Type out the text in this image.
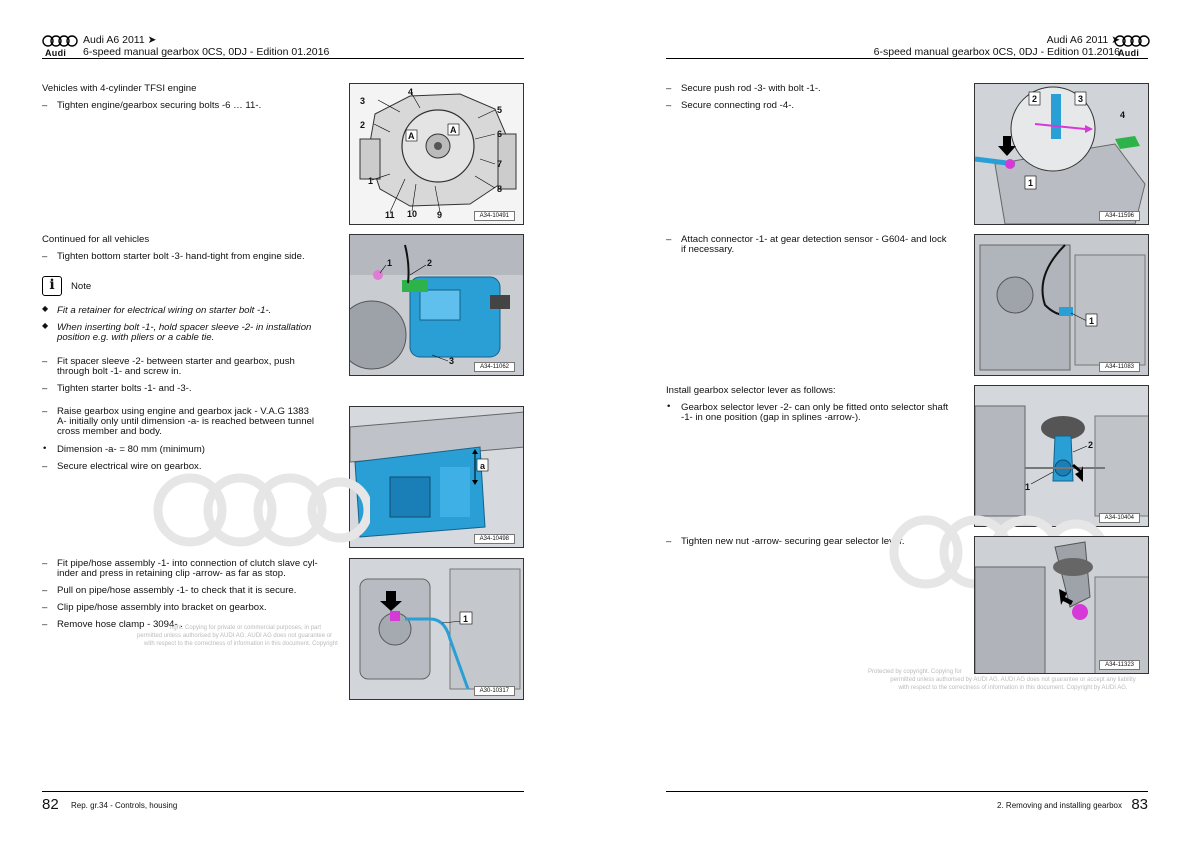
Audi
Audi A6 2011 ➤
6-speed manual gearbox 0CS, 0DJ - Edition 01.2016
Vehicles with 4-cylinder TFSI engine
– Tighten engine/gearbox securing bolts -6 … 11-.
1
2
3
4
5
6
7
8
9
10
11
A
A
A34-10491
Continued for all vehicles
– Tighten bottom starter bolt -3- hand-tight from engine side.
i	Note
◆ Fit a retainer for electrical wiring on starter bolt -1-.
◆ When inserting bolt -1-, hold spacer sleeve -2- in installation
position e.g. with pliers or a cable tie.
– Fit spacer sleeve -2- between starter and gearbox, push
through bolt -1- and screw in.
– Tighten starter bolts -1- and -3-.
1	2
3
A34-11062
– Raise gearbox using engine and gearbox jack - V.A.G 1383
A- initially only until dimension -a- is reached between tunnel
cross member and body.
• Dimension -a- = 80 mm (minimum)
– Secure electrical wire on gearbox.	a
A34-10498
– Fit pipe/hose assembly -1- into connection of clutch slave cyl-
inder and press in retaining clip -arrow- as far as stop.
– Pull on pipe/hose assembly -1- to check that it is secure.
– Clip pipe/hose assembly into bracket on gearbox.
– Remove hose clamp - 3094- .
right. Copying for private or commercial purposes, in part
permitted unless authorised by AUDI AG. AUDI AG does not guarantee or
with respect to the correctness of information in this document. Copyright
1
A30-10317
82 Rep. gr.34 - Controls, housing
Audi A6 2011 ➤
6-speed manual gearbox 0CS, 0DJ - Edition 01.2016
Audi
– Secure push rod -3- with bolt -1-.
– Secure connecting rod -4-.
1
2	3
4
A34-11596
– Attach connector -1- at gear detection sensor - G604- and lock
if necessary.
1
A34-11083
Install gearbox selector lever as follows:
• Gearbox selector lever -2- can only be fitted onto selector shaft
-1- in one position (gap in splines -arrow-).
2
1
A34-10404
– Tighten new nut -arrow- securing gear selector lever.
A34-11323
Protected by copyright. Copying for
permitted unless authorised by AUDI AG. AUDI AG does not guarantee or accept any liability
with respect to the correctness of information in this document. Copyright by AUDI AG.
2. Removing and installing gearbox 83
